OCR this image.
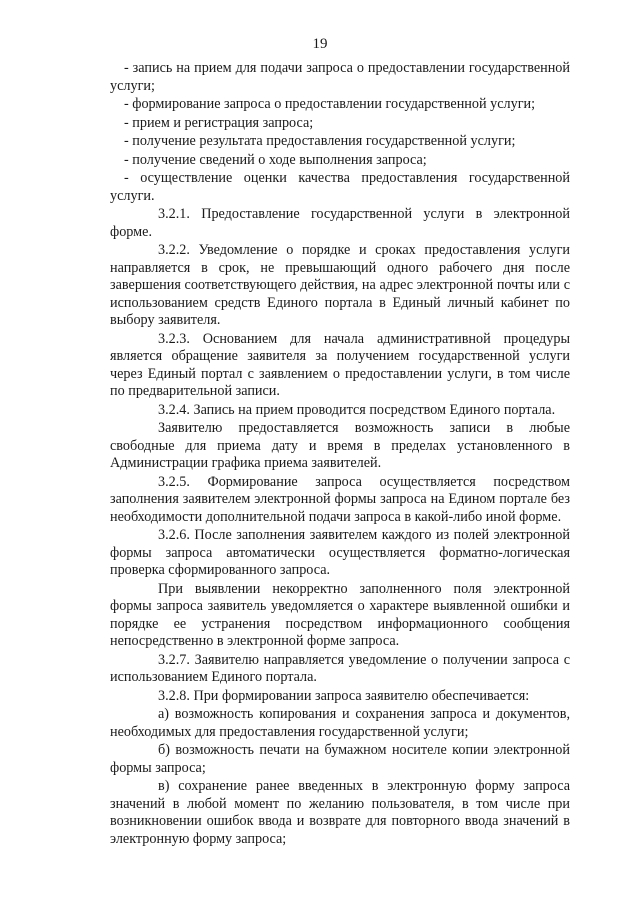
19

- запись на прием для подачи запроса о предоставлении государственной услуги;

- формирование запроса о предоставлении государственной услуги;

- прием и регистрация запроса;

- получение результата предоставления государственной услуги;

- получение сведений о ходе выполнения запроса;

- осуществление оценки качества предоставления государственной услуги.

3.2.1. Предоставление государственной услуги в электронной форме.

3.2.2. Уведомление о порядке и сроках предоставления услуги направляется в срок, не превышающий одного рабочего дня после завершения соответствующего действия, на адрес электронной почты или с использованием средств Единого портала в Единый личный кабинет по выбору заявителя.

3.2.3. Основанием для начала административной процедуры является обращение заявителя за получением государственной услуги через Единый портал с заявлением о предоставлении услуги, в том числе по предварительной записи.

3.2.4. Запись на прием проводится посредством Единого портала.

Заявителю предоставляется возможность записи в любые свободные для приема дату и время в пределах установленного в Администрации графика приема заявителей.

3.2.5. Формирование запроса осуществляется посредством заполнения заявителем электронной формы запроса на Едином портале без необходимости дополнительной подачи запроса в какой-либо иной форме.

3.2.6. После заполнения заявителем каждого из полей электронной формы запроса автоматически осуществляется форматно-логическая проверка сформированного запроса.

При выявлении некорректно заполненного поля электронной формы запроса заявитель уведомляется о характере выявленной ошибки и порядке ее устранения посредством информационного сообщения непосредственно в электронной форме запроса.

3.2.7. Заявителю направляется уведомление о получении запроса с использованием Единого портала.

3.2.8. При формировании запроса заявителю обеспечивается:

а) возможность копирования и сохранения запроса и документов, необходимых для предоставления государственной услуги;

б) возможность печати на бумажном носителе копии электронной формы запроса;

в) сохранение ранее введенных в электронную форму запроса значений в любой момент по желанию пользователя, в том числе при возникновении ошибок ввода и возврате для повторного ввода значений в электронную форму запроса;
